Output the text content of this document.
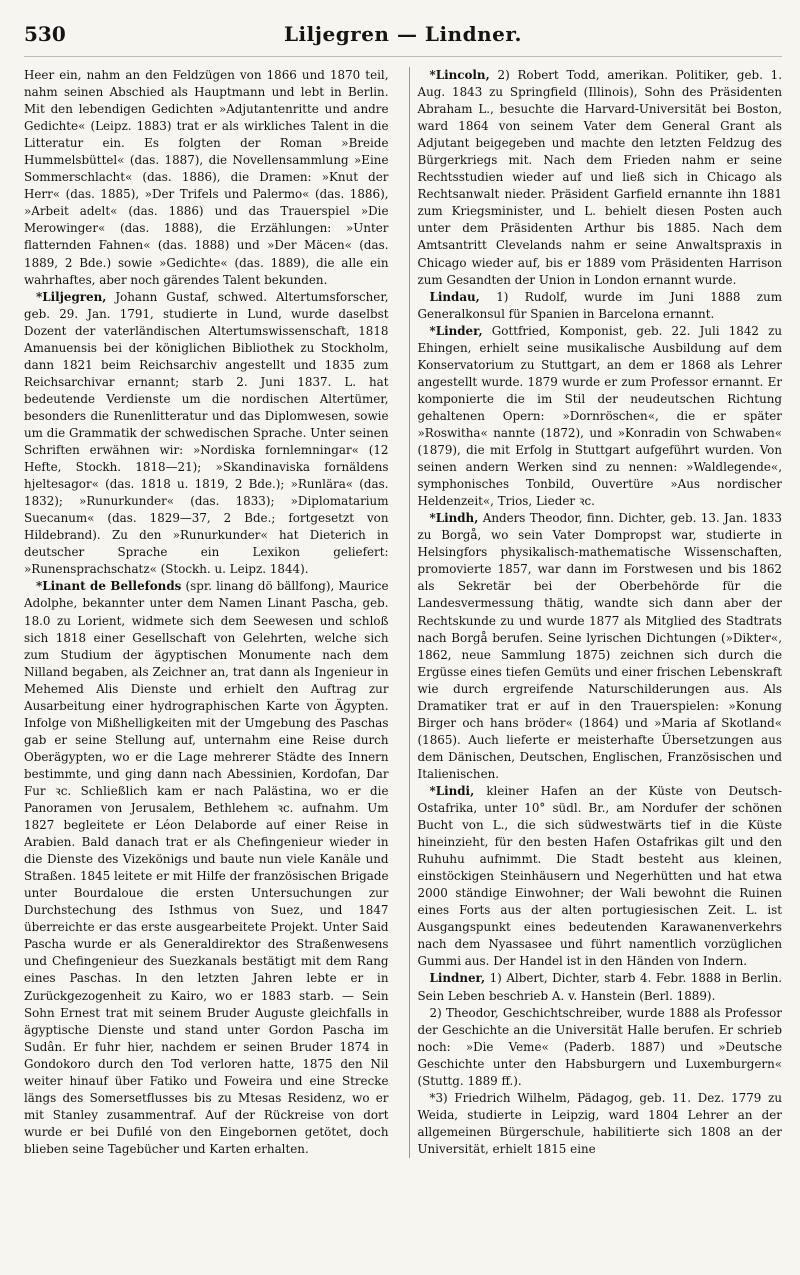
530	Liljegren — Lindner.

Heer ein, nahm an den Feldzügen von 1866 und 1870 teil, nahm seinen Abschied als Hauptmann und lebt in Berlin. Mit den lebendigen Gedichten »Adjutantenritte und andre Gedichte« (Leipz. 1883) trat er als wirkliches Talent in die Litteratur ein. Es folgten der Roman »Breide Hummelsbüttel« (das. 1887), die Novellensammlung »Eine Sommerschlacht« (das. 1886), die Dramen: »Knut der Herr« (das. 1885), »Der Trifels und Palermo« (das. 1886), »Arbeit adelt« (das. 1886) und das Trauerspiel »Die Merowinger« (das. 1888), die Erzählungen: »Unter flatternden Fahnen« (das. 1888) und »Der Mäcen« (das. 1889, 2 Bde.) sowie »Gedichte« (das. 1889), die alle ein wahrhaftes, aber noch gärendes Talent bekunden.

*Liljegren, Johann Gustaf, schwed. Altertumsforscher, geb. 29. Jan. 1791, studierte in Lund, wurde daselbst Dozent der vaterländischen Altertumswissenschaft, 1818 Amanuensis bei der königlichen Bibliothek zu Stockholm, dann 1821 beim Reichsarchiv angestellt und 1835 zum Reichsarchivar ernannt; starb 2. Juni 1837. L. hat bedeutende Verdienste um die nordischen Altertümer, besonders die Runenlitteratur und das Diplomwesen, sowie um die Grammatik der schwedischen Sprache. Unter seinen Schriften erwähnen wir: »Nordiska fornlemningar« (12 Hefte, Stockh. 1818—21); »Skandinaviska fornäldens hjeltesagor« (das. 1818 u. 1819, 2 Bde.); »Runlära« (das. 1832); »Runurkunder« (das. 1833); »Diplomatarium Suecanum« (das. 1829—37, 2 Bde.; fortgesetzt von Hildebrand). Zu den »Runurkunder« hat Dieterich in deutscher Sprache ein Lexikon geliefert: »Runensprachschatz« (Stockh. u. Leipz. 1844).

*Linant de Bellefonds (spr. linang dö bällfong), Maurice Adolphe, bekannter unter dem Namen Linant Pascha, geb. 18.0 zu Lorient, widmete sich dem Seewesen und schloß sich 1818 einer Gesellschaft von Gelehrten, welche sich zum Studium der ägyptischen Monumente nach dem Nilland begaben, als Zeichner an, trat dann als Ingenieur in Mehemed Alis Dienste und erhielt den Auftrag zur Ausarbeitung einer hydrographischen Karte von Ägypten. Infolge von Mißhelligkeiten mit der Umgebung des Paschas gab er seine Stellung auf, unternahm eine Reise durch Oberägypten, wo er die Lage mehrerer Städte des Innern bestimmte, und ging dann nach Abessinien, Kordofan, Dar Fur ꝛc. Schließlich kam er nach Palästina, wo er die Panoramen von Jerusalem, Bethlehem ꝛc. aufnahm. Um 1827 begleitete er Léon Delaborde auf einer Reise in Arabien. Bald danach trat er als Chefingenieur wieder in die Dienste des Vizekönigs und baute nun viele Kanäle und Straßen. 1845 leitete er mit Hilfe der französischen Brigade unter Bourdaloue die ersten Untersuchungen zur Durchstechung des Isthmus von Suez, und 1847 überreichte er das erste ausgearbeitete Projekt. Unter Said Pascha wurde er als Generaldirektor des Straßenwesens und Chefingenieur des Suezkanals bestätigt mit dem Rang eines Paschas. In den letzten Jahren lebte er in Zurückgezogenheit zu Kairo, wo er 1883 starb. — Sein Sohn Ernest trat mit seinem Bruder Auguste gleichfalls in ägyptische Dienste und stand unter Gordon Pascha im Sudân. Er fuhr hier, nachdem er seinen Bruder 1874 in Gondokoro durch den Tod verloren hatte, 1875 den Nil weiter hinauf über Fatiko und Foweira und eine Strecke längs des Somersetflusses bis zu Mtesas Residenz, wo er mit Stanley zusammentraf. Auf der Rückreise von dort wurde er bei Dufilé von den Eingebornen getötet, doch blieben seine Tagebücher und Karten erhalten.

*Lincoln, 2) Robert Todd, amerikan. Politiker, geb. 1. Aug. 1843 zu Springfield (Illinois), Sohn des Präsidenten Abraham L., besuchte die Harvard-Universität bei Boston, ward 1864 von seinem Vater dem General Grant als Adjutant beigegeben und machte den letzten Feldzug des Bürgerkriegs mit. Nach dem Frieden nahm er seine Rechtsstudien wieder auf und ließ sich in Chicago als Rechtsanwalt nieder. Präsident Garfield ernannte ihn 1881 zum Kriegsminister, und L. behielt diesen Posten auch unter dem Präsidenten Arthur bis 1885. Nach dem Amtsantritt Clevelands nahm er seine Anwaltspraxis in Chicago wieder auf, bis er 1889 vom Präsidenten Harrison zum Gesandten der Union in London ernannt wurde.

Lindau, 1) Rudolf, wurde im Juni 1888 zum Generalkonsul für Spanien in Barcelona ernannt.

*Linder, Gottfried, Komponist, geb. 22. Juli 1842 zu Ehingen, erhielt seine musikalische Ausbildung auf dem Konservatorium zu Stuttgart, an dem er 1868 als Lehrer angestellt wurde. 1879 wurde er zum Professor ernannt. Er komponierte die im Stil der neudeutschen Richtung gehaltenen Opern: »Dornröschen«, die er später »Roswitha« nannte (1872), und »Konradin von Schwaben« (1879), die mit Erfolg in Stuttgart aufgeführt wurden. Von seinen andern Werken sind zu nennen: »Waldlegende«, symphonisches Tonbild, Ouvertüre »Aus nordischer Heldenzeit«, Trios, Lieder ꝛc.

*Lindh, Anders Theodor, finn. Dichter, geb. 13. Jan. 1833 zu Borgå, wo sein Vater Dompropst war, studierte in Helsingfors physikalisch-mathematische Wissenschaften, promovierte 1857, war dann im Forstwesen und bis 1862 als Sekretär bei der Oberbehörde für die Landesvermessung thätig, wandte sich dann aber der Rechtskunde zu und wurde 1877 als Mitglied des Stadtrats nach Borgå berufen. Seine lyrischen Dichtungen (»Dikter«, 1862, neue Sammlung 1875) zeichnen sich durch die Ergüsse eines tiefen Gemüts und einer frischen Lebenskraft wie durch ergreifende Naturschilderungen aus. Als Dramatiker trat er auf in den Trauerspielen: »Konung Birger och hans bröder« (1864) und »Maria af Skotland« (1865). Auch lieferte er meisterhafte Übersetzungen aus dem Dänischen, Deutschen, Englischen, Französischen und Italienischen.

*Lindi, kleiner Hafen an der Küste von Deutsch-Ostafrika, unter 10° südl. Br., am Nordufer der schönen Bucht von L., die sich südwestwärts tief in die Küste hineinzieht, für den besten Hafen Ostafrikas gilt und den Ruhuhu aufnimmt. Die Stadt besteht aus kleinen, einstöckigen Steinhäusern und Negerhütten und hat etwa 2000 ständige Einwohner; der Wali bewohnt die Ruinen eines Forts aus der alten portugiesischen Zeit. L. ist Ausgangspunkt eines bedeutenden Karawanenverkehrs nach dem Nyassasee und führt namentlich vorzüglichen Gummi aus. Der Handel ist in den Händen von Indern.

Lindner, 1) Albert, Dichter, starb 4. Febr. 1888 in Berlin. Sein Leben beschrieb A. v. Hanstein (Berl. 1889).

2) Theodor, Geschichtschreiber, wurde 1888 als Professor der Geschichte an die Universität Halle berufen. Er schrieb noch: »Die Veme« (Paderb. 1887) und »Deutsche Geschichte unter den Habsburgern und Luxemburgern« (Stuttg. 1889 ff.).

*3) Friedrich Wilhelm, Pädagog, geb. 11. Dez. 1779 zu Weida, studierte in Leipzig, ward 1804 Lehrer an der allgemeinen Bürgerschule, habilitierte sich 1808 an der Universität, erhielt 1815 eine
